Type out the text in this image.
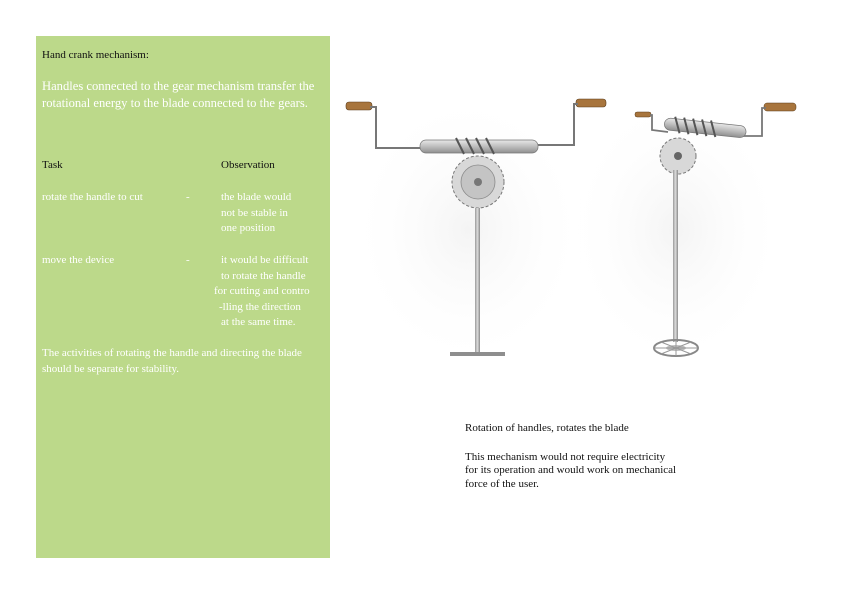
Hand crank mechanism:
Handles connected to the gear mechanism transfer the rotational energy to the blade connected to the gears.
Task	Observation
rotate the handle to cut	-	the blade would
not be stable in
one position
move the device	-	it would be difficult
to rotate the handle
for cutting and contro
-lling the direction
at the same time.
The activities of rotating the handle and directing the blade should be separate for stability.
Rotation of handles, rotates the blade
This mechanism would not require electricity
for its operation and would work on mechanical
force of the user.
